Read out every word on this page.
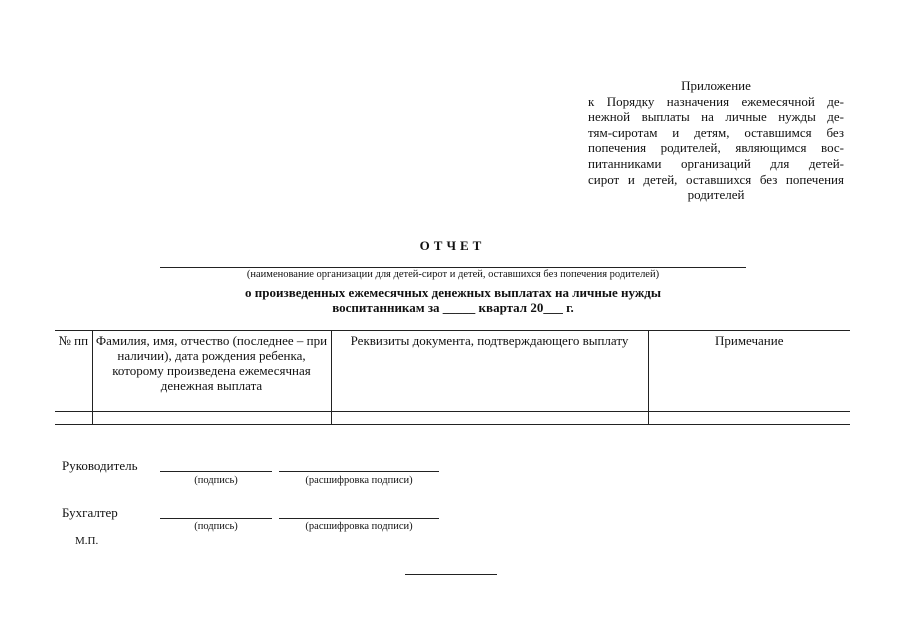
Приложение
к Порядку назначения ежемесячной де-
нежной выплаты на личные нужды де-
тям-сиротам и детям, оставшимся без
попечения родителей, являющимся вос-
питанниками организаций для детей-
сирот и детей, оставшихся без попечения
родителей
ОТЧЕТ
(наименование организации для детей-сирот и детей, оставшихся без попечения родителей)
о произведенных ежемесячных денежных выплатах на личные нужды
воспитанникам за _____ квартал 20___ г.
№ пп	Фамилия, имя, отчество (последнее – при наличии), дата рождения ребенка, которому произведена ежемесячная денежная выплата	Реквизиты документа, подтверждающего выплату	Примечание

Руководитель
(подпись)	(расшифровка подписи)
Бухгалтер
(подпись)	(расшифровка подписи)
М.П.
